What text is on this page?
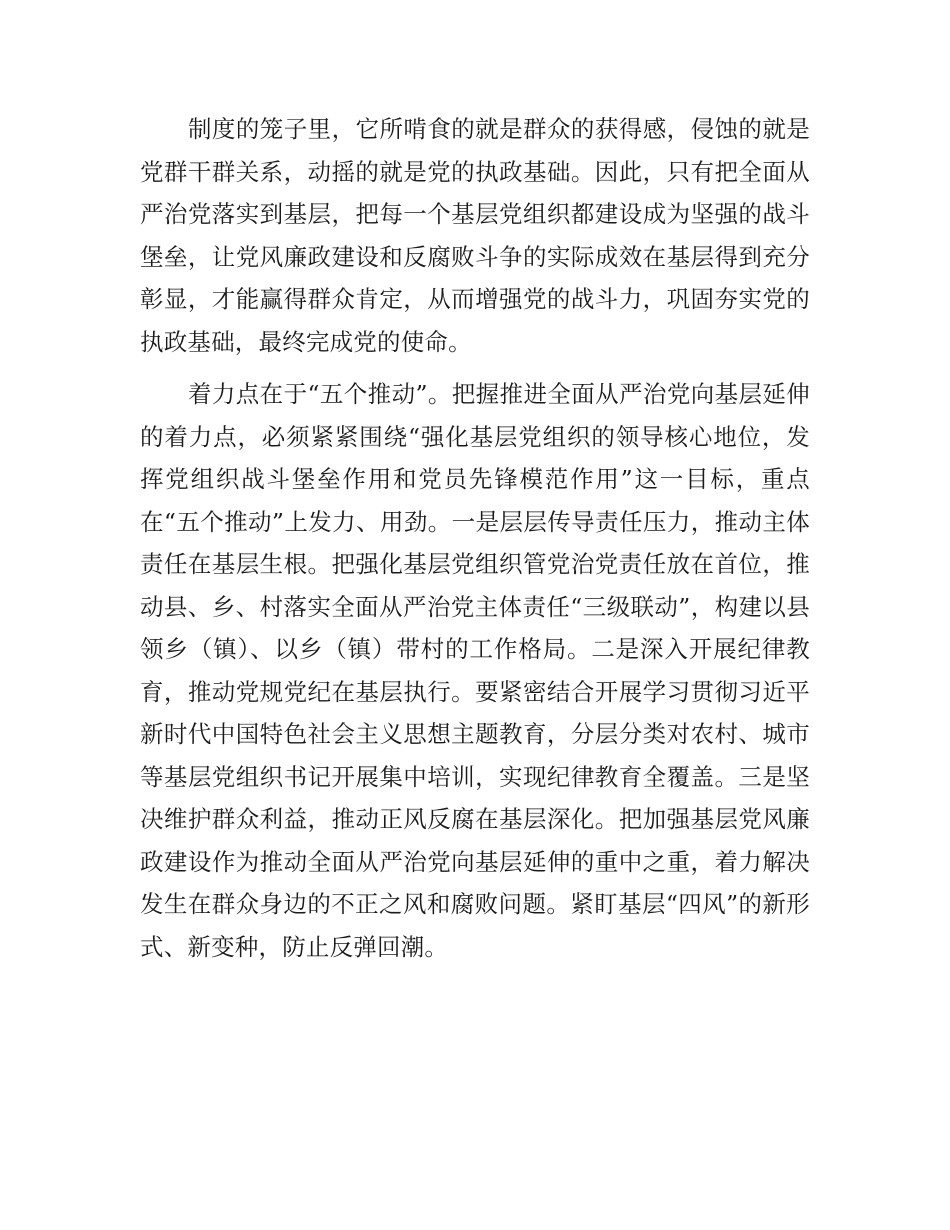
制度的笼子里，它所啃食的就是群众的获得感，侵蚀的就是党群干群关系，动摇的就是党的执政基础。因此，只有把全面从严治党落实到基层，把每一个基层党组织都建设成为坚强的战斗堡垒，让党风廉政建设和反腐败斗争的实际成效在基层得到充分彰显，才能赢得群众肯定，从而增强党的战斗力，巩固夯实党的执政基础，最终完成党的使命。

着力点在于“五个推动”。把握推进全面从严治党向基层延伸的着力点，必须紧紧围绕“强化基层党组织的领导核心地位，发挥党组织战斗堡垒作用和党员先锋模范作用”这一目标，重点在“五个推动”上发力、用劲。一是层层传导责任压力，推动主体责任在基层生根。把强化基层党组织管党治党责任放在首位，推动县、乡、村落实全面从严治党主体责任“三级联动”，构建以县领乡（镇）、以乡（镇）带村的工作格局。二是深入开展纪律教育，推动党规党纪在基层执行。要紧密结合开展学习贯彻习近平新时代中国特色社会主义思想主题教育，分层分类对农村、城市等基层党组织书记开展集中培训，实现纪律教育全覆盖。三是坚决维护群众利益，推动正风反腐在基层深化。把加强基层党风廉政建设作为推动全面从严治党向基层延伸的重中之重，着力解决发生在群众身边的不正之风和腐败问题。紧盯基层“四风”的新形式、新变种，防止反弹回潮。
